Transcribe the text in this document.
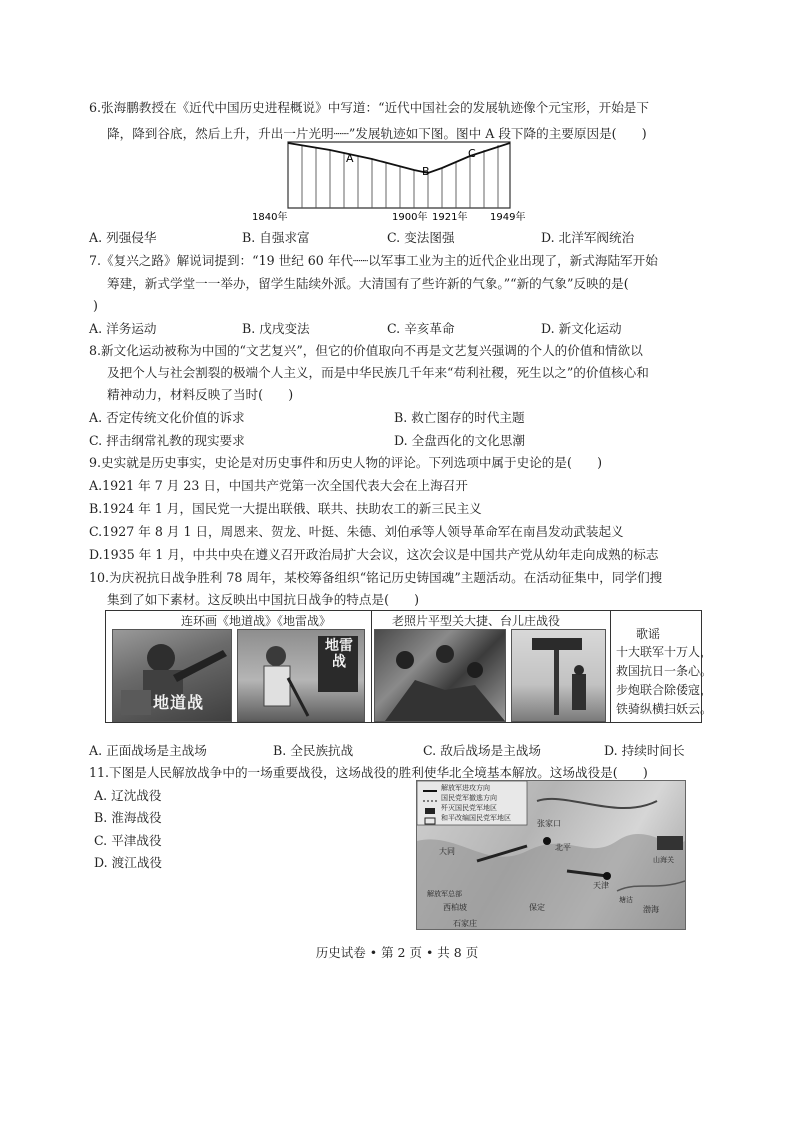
6.张海鹏教授在《近代中国历史进程概说》中写道：“近代中国社会的发展轨迹像个元宝形，开始是下
降，降到谷底，然后上升，升出一片光明┈┈”发展轨迹如下图。图中 A 段下降的主要原因是(　　)
A
B
C
1840年	1900年 1921年 1949年
A. 列强侵华	B. 自强求富	C. 变法图强	D. 北洋军阀统治
7.《复兴之路》解说词提到：“19 世纪 60 年代┈┈以军事工业为主的近代企业出现了，新式海陆军开始
筹建，新式学堂一一举办，留学生陆续外派。大清国有了些许新的气象。”“新的气象”反映的是(
)
A. 洋务运动	B. 戊戌变法	C. 辛亥革命	D. 新文化运动
8.新文化运动被称为中国的“文艺复兴”，但它的价值取向不再是文艺复兴强调的个人的价值和情欲以
及把个人与社会割裂的极端个人主义，而是中华民族几千年来“苟利社稷，死生以之”的价值核心和
精神动力，材料反映了当时(　　)
A. 否定传统文化价值的诉求	B. 救亡图存的时代主题
C. 抨击纲常礼教的现实要求	D. 全盘西化的文化思潮
9.史实就是历史事实，史论是对历史事件和历史人物的评论。下列选项中属于史论的是(　　)
A.1921 年 7 月 23 日，中国共产党第一次全国代表大会在上海召开
B.1924 年 1 月，国民党一大提出联俄、联共、扶助农工的新三民主义
C.1927 年 8 月 1 日，周恩来、贺龙、叶挺、朱德、刘伯承等人领导革命军在南昌发动武装起义
D.1935 年 1 月，中共中央在遵义召开政治局扩大会议，这次会议是中国共产党从幼年走向成熟的标志
10.为庆祝抗日战争胜利 78 周年，某校筹备组织“铭记历史铸国魂”主题活动。在活动征集中，同学们搜
集到了如下素材。这反映出中国抗日战争的特点是(　　)
连环画《地道战》《地雷战》	老照片平型关大捷、台儿庄战役
地道战
地雷战
歌谣
十大联军十万人，
救国抗日一条心。
步炮联合除倭寇，
铁骑纵横扫妖云。
A. 正面战场是主战场	B. 全民族抗战	C. 敌后战场是主战场	D. 持续时间长
11.下图是人民解放战争中的一场重要战役，这场战役的胜利使华北全境基本解放。这场战役是(　　)
A. 辽沈战役
B. 淮海战役
C. 平津战役
D. 渡江战役
解放军进攻方向
国民党军撤逃方向
歼灭国民党军地区
和平改编国民党军地区
张家口
北平
天津
大同
塘沽
西柏坡
石家庄
山海关
渤海
保定
解放军总部
历史试卷 • 第 2 页 • 共 8 页
